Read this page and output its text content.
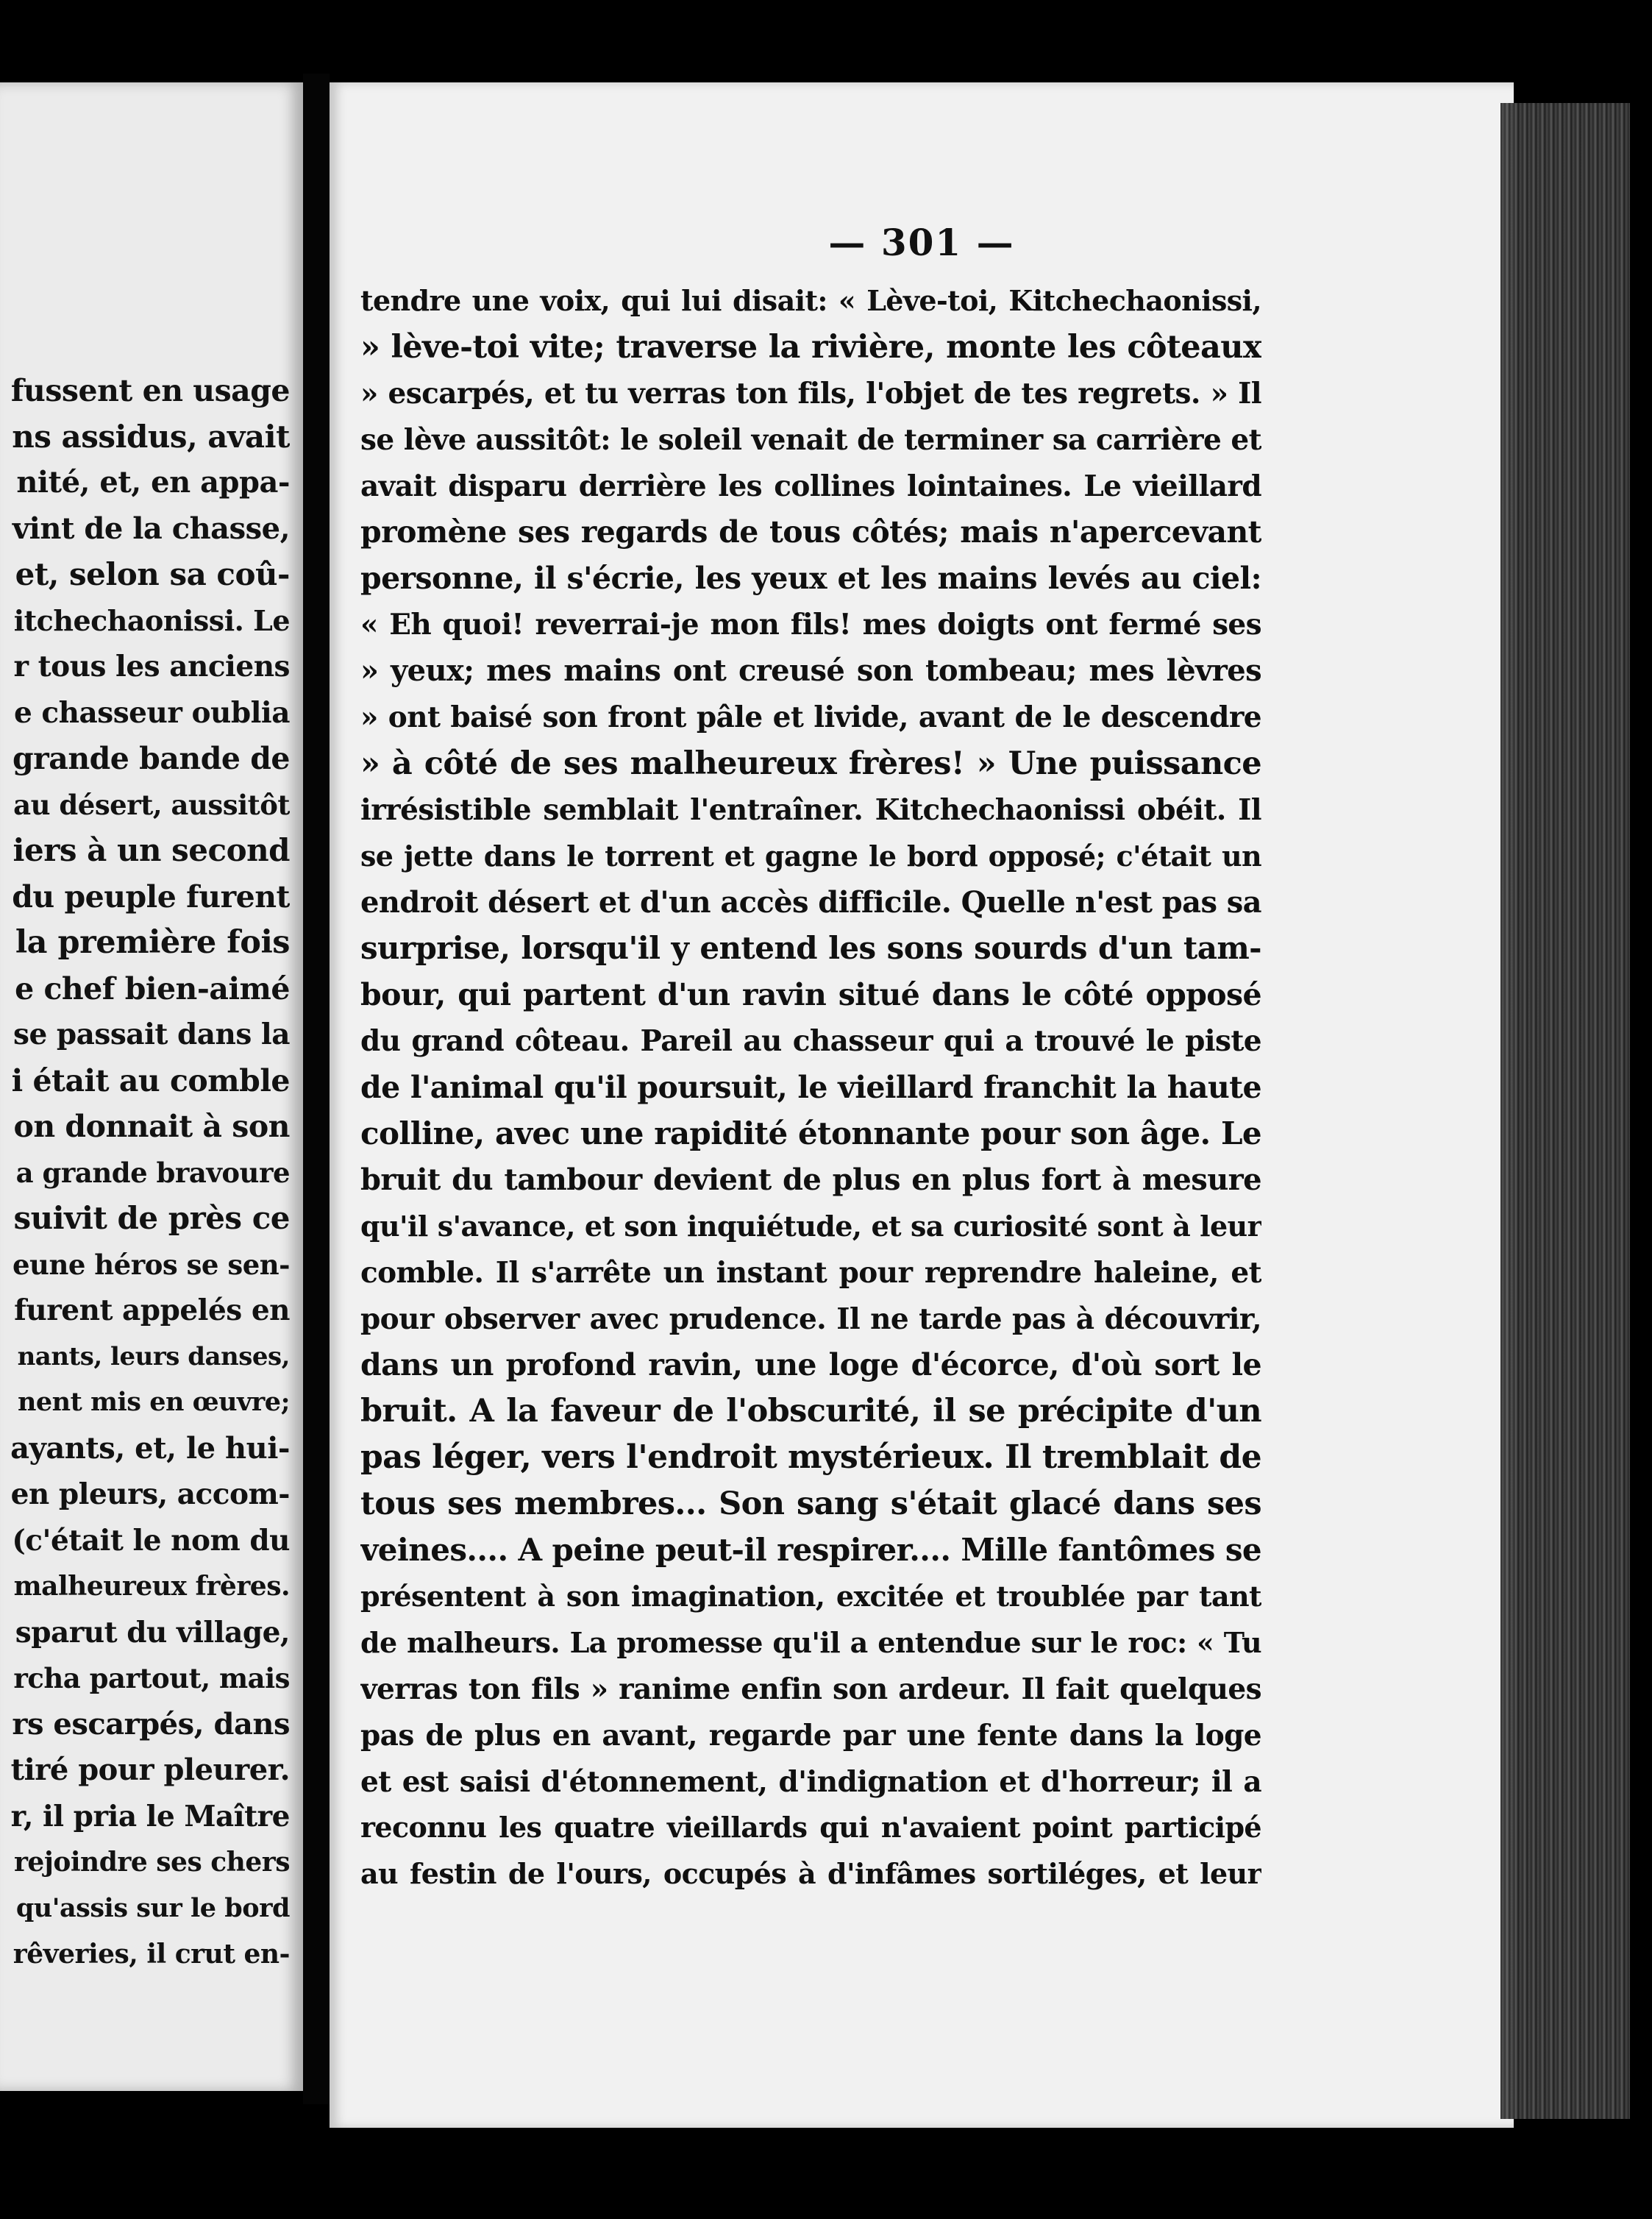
fussent en usage
ns assidus, avait
nité, et, en appa-
vint de la chasse,
et, selon sa coû-
itchechaonissi. Le
r tous les anciens
e chasseur oublia
grande bande de
au désert, aussitôt
iers à un second
du peuple furent
la première fois
e chef bien-aimé
se passait dans la
i était au comble
on donnait à son
a grande bravoure
suivit de près ce
eune héros se sen-
furent appelés en
nants, leurs danses,
nent mis en œuvre;
ayants, et, le hui-
en pleurs, accom-
(c'était le nom du
malheureux frères.
sparut du village,
rcha partout, mais
rs escarpés, dans
tiré pour pleurer.
r, il pria le Maître
rejoindre ses chers
qu'assis sur le bord
rêveries, il crut en-

— 301 —

tendre une voix, qui lui disait: « Lève-toi, Kitchechaonissi,
» lève-toi vite; traverse la rivière, monte les côteaux
» escarpés, et tu verras ton fils, l'objet de tes regrets. » Il
se lève aussitôt: le soleil venait de terminer sa carrière et
avait disparu derrière les collines lointaines. Le vieillard
promène ses regards de tous côtés; mais n'apercevant
personne, il s'écrie, les yeux et les mains levés au ciel:
« Eh quoi! reverrai-je mon fils! mes doigts ont fermé ses
» yeux; mes mains ont creusé son tombeau; mes lèvres
» ont baisé son front pâle et livide, avant de le descendre
» à côté de ses malheureux frères! » Une puissance
irrésistible semblait l'entraîner. Kitchechaonissi obéit. Il
se jette dans le torrent et gagne le bord opposé; c'était un
endroit désert et d'un accès difficile. Quelle n'est pas sa
surprise, lorsqu'il y entend les sons sourds d'un tam-
bour, qui partent d'un ravin situé dans le côté opposé
du grand côteau. Pareil au chasseur qui a trouvé le piste
de l'animal qu'il poursuit, le vieillard franchit la haute
colline, avec une rapidité étonnante pour son âge. Le
bruit du tambour devient de plus en plus fort à mesure
qu'il s'avance, et son inquiétude, et sa curiosité sont à leur
comble. Il s'arrête un instant pour reprendre haleine, et
pour observer avec prudence. Il ne tarde pas à découvrir,
dans un profond ravin, une loge d'écorce, d'où sort le
bruit. A la faveur de l'obscurité, il se précipite d'un
pas léger, vers l'endroit mystérieux. Il tremblait de
tous ses membres... Son sang s'était glacé dans ses
veines.... A peine peut-il respirer.... Mille fantômes se
présentent à son imagination, excitée et troublée par tant
de malheurs. La promesse qu'il a entendue sur le roc: « Tu
verras ton fils » ranime enfin son ardeur. Il fait quelques
pas de plus en avant, regarde par une fente dans la loge
et est saisi d'étonnement, d'indignation et d'horreur; il a
reconnu les quatre vieillards qui n'avaient point participé
au festin de l'ours, occupés à d'infâmes sortiléges, et leur
